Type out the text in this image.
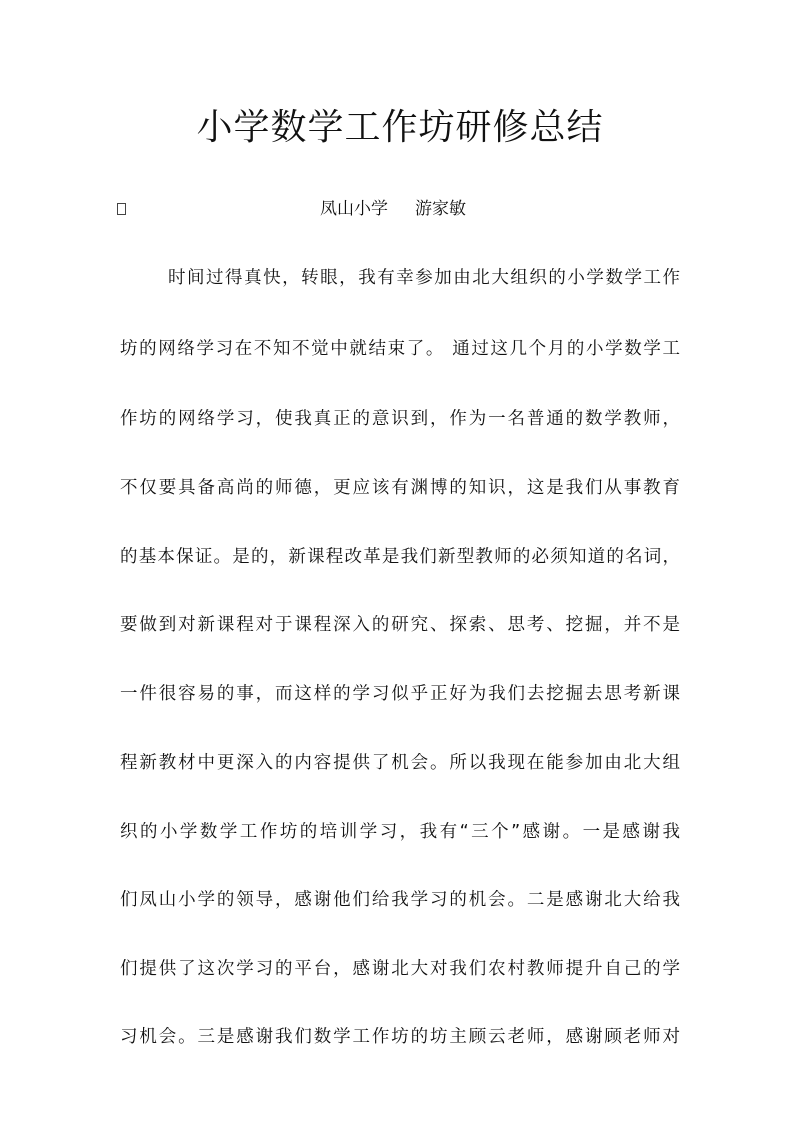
小学数学工作坊研修总结
凤山小学     游家敏
时间过得真快，转眼，我有幸参加由北大组织的小学数学工作
坊的网络学习在不知不觉中就结束了。 通过这几个月的小学数学工
作坊的网络学习，使我真正的意识到，作为一名普通的数学教师，
不仅要具备高尚的师德，更应该有渊博的知识，这是我们从事教育
的基本保证。是的，新课程改革是我们新型教师的必须知道的名词，
要做到对新课程对于课程深入的研究、探索、思考、挖掘，并不是
一件很容易的事，而这样的学习似乎正好为我们去挖掘去思考新课
程新教材中更深入的内容提供了机会。所以我现在能参加由北大组
织的小学数学工作坊的培训学习，我有“三个”感谢。一是感谢我
们凤山小学的领导，感谢他们给我学习的机会。二是感谢北大给我
们提供了这次学习的平台，感谢北大对我们农村教师提升自己的学
习机会。三是感谢我们数学工作坊的坊主顾云老师，感谢顾老师对
